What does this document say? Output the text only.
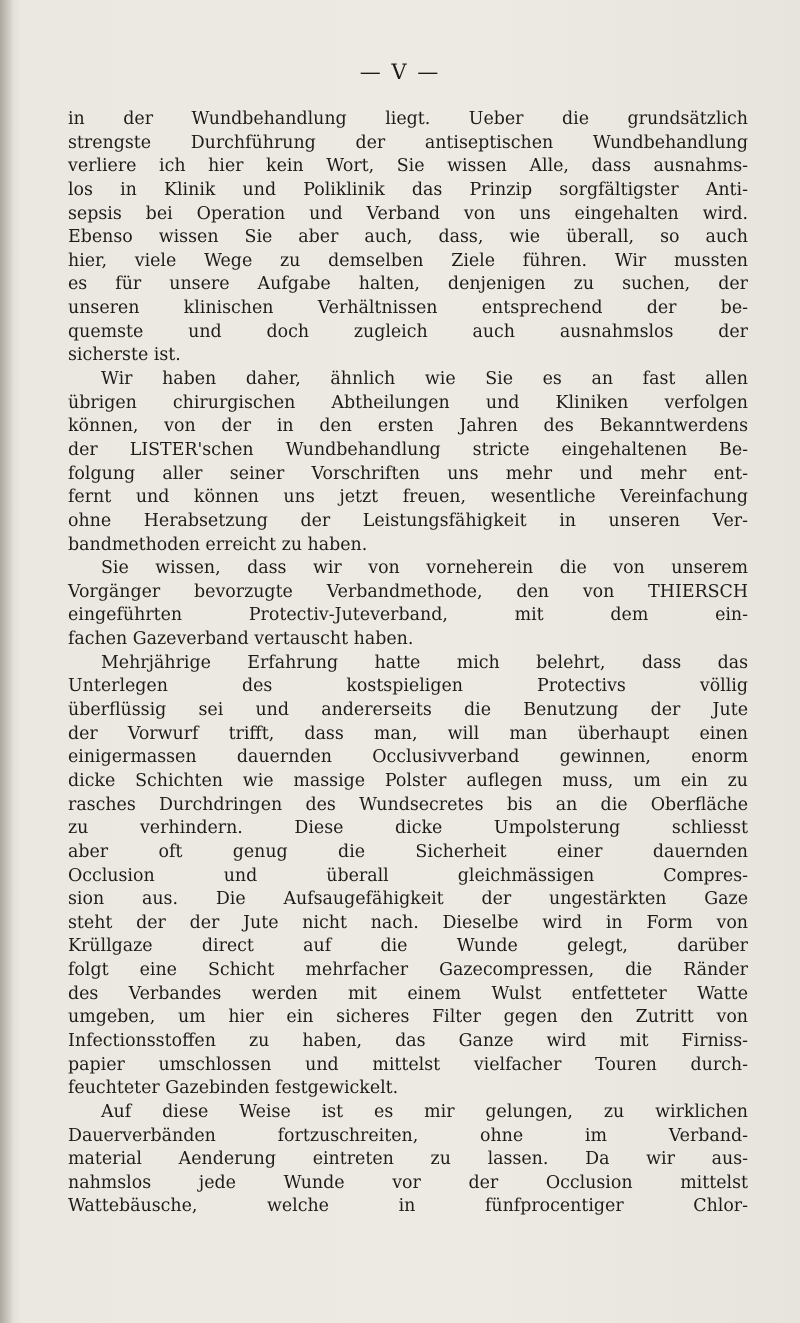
— V —
in der Wundbehandlung liegt. Ueber die grundsätzlich
strengste Durchführung der antiseptischen Wundbehandlung
verliere ich hier kein Wort, Sie wissen Alle, dass ausnahms-
los in Klinik und Poliklinik das Prinzip sorgfältigster Anti-
sepsis bei Operation und Verband von uns eingehalten wird.
Ebenso wissen Sie aber auch, dass, wie überall, so auch
hier, viele Wege zu demselben Ziele führen. Wir mussten
es für unsere Aufgabe halten, denjenigen zu suchen, der
unseren klinischen Verhältnissen entsprechend der be-
quemste und doch zugleich auch ausnahmslos der
sicherste ist.
Wir haben daher, ähnlich wie Sie es an fast allen
übrigen chirurgischen Abtheilungen und Kliniken verfolgen
können, von der in den ersten Jahren des Bekanntwerdens
der LISTER'schen Wundbehandlung stricte eingehaltenen Be-
folgung aller seiner Vorschriften uns mehr und mehr ent-
fernt und können uns jetzt freuen, wesentliche Vereinfachung
ohne Herabsetzung der Leistungsfähigkeit in unseren Ver-
bandmethoden erreicht zu haben.
Sie wissen, dass wir von vorneherein die von unserem
Vorgänger bevorzugte Verbandmethode, den von THIERSCH
eingeführten Protectiv-Juteverband, mit dem ein-
fachen Gazeverband vertauscht haben.
Mehrjährige Erfahrung hatte mich belehrt, dass das
Unterlegen des kostspieligen Protectivs völlig
überflüssig sei und andererseits die Benutzung der Jute
der Vorwurf trifft, dass man, will man überhaupt einen
einigermassen dauernden Occlusivverband gewinnen, enorm
dicke Schichten wie massige Polster auflegen muss, um ein zu
rasches Durchdringen des Wundsecretes bis an die Oberfläche
zu verhindern. Diese dicke Umpolsterung schliesst
aber oft genug die Sicherheit einer dauernden
Occlusion und überall gleichmässigen Compres-
sion aus. Die Aufsaugefähigkeit der ungestärkten Gaze
steht der der Jute nicht nach. Dieselbe wird in Form von
Krüllgaze direct auf die Wunde gelegt, darüber
folgt eine Schicht mehrfacher Gazecompressen, die Ränder
des Verbandes werden mit einem Wulst entfetteter Watte
umgeben, um hier ein sicheres Filter gegen den Zutritt von
Infectionsstoffen zu haben, das Ganze wird mit Firniss-
papier umschlossen und mittelst vielfacher Touren durch-
feuchteter Gazebinden festgewickelt.
Auf diese Weise ist es mir gelungen, zu wirklichen
Dauerverbänden fortzuschreiten, ohne im Verband-
material Aenderung eintreten zu lassen. Da wir aus-
nahmslos jede Wunde vor der Occlusion mittelst
Wattebäusche, welche in fünfprocentiger Chlor-
